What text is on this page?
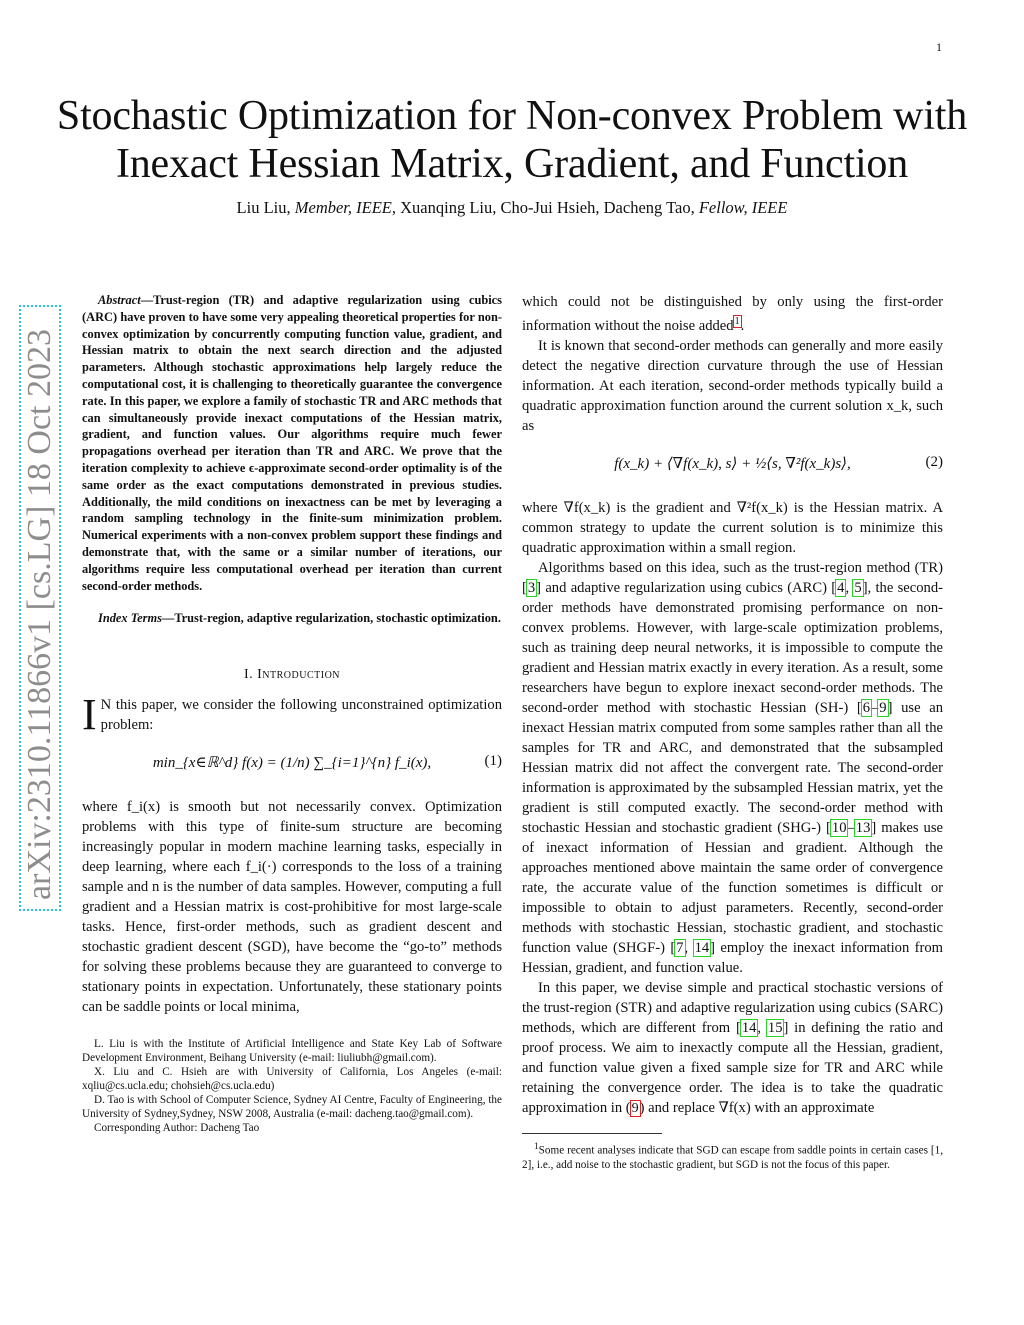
1
Stochastic Optimization for Non-convex Problem with Inexact Hessian Matrix, Gradient, and Function
Liu Liu, Member, IEEE, Xuanqing Liu, Cho-Jui Hsieh, Dacheng Tao, Fellow, IEEE
arXiv:2310.11866v1 [cs.LG] 18 Oct 2023

Abstract—Trust-region (TR) and adaptive regularization using cubics (ARC) have proven to have some very appealing theoretical properties for non-convex optimization by concurrently computing function value, gradient, and Hessian matrix to obtain the next search direction and the adjusted parameters. Although stochastic approximations help largely reduce the computational cost, it is challenging to theoretically guarantee the convergence rate. In this paper, we explore a family of stochastic TR and ARC methods that can simultaneously provide inexact computations of the Hessian matrix, gradient, and function values. Our algorithms require much fewer propagations overhead per iteration than TR and ARC. We prove that the iteration complexity to achieve ϵ-approximate second-order optimality is of the same order as the exact computations demonstrated in previous studies. Additionally, the mild conditions on inexactness can be met by leveraging a random sampling technology in the finite-sum minimization problem. Numerical experiments with a non-convex problem support these findings and demonstrate that, with the same or a similar number of iterations, our algorithms require less computational overhead per iteration than current second-order methods.

Index Terms—Trust-region, adaptive regularization, stochastic optimization.

I. Introduction

I N this paper, we consider the following unconstrained optimization problem:

min_{x∈ℝ^d} f(x) = (1/n) ∑_{i=1}^{n} f_i(x),	(1)

where f_i(x) is smooth but not necessarily convex. Optimization problems with this type of finite-sum structure are becoming increasingly popular in modern machine learning tasks, especially in deep learning, where each f_i(·) corresponds to the loss of a training sample and n is the number of data samples. However, computing a full gradient and a Hessian matrix is cost-prohibitive for most large-scale tasks. Hence, first-order methods, such as gradient descent and stochastic gradient descent (SGD), have become the “go-to” methods for solving these problems because they are guaranteed to converge to stationary points in expectation. Unfortunately, these stationary points can be saddle points or local minima,

L. Liu is with the Institute of Artificial Intelligence and State Key Lab of Software Development Environment, Beihang University (e-mail: liuliubh@gmail.com).

X. Liu and C. Hsieh are with University of California, Los Angeles (e-mail: xqliu@cs.ucla.edu; chohsieh@cs.ucla.edu)

D. Tao is with School of Computer Science, Sydney AI Centre, Faculty of Engineering, the University of Sydney,Sydney, NSW 2008, Australia (e-mail: dacheng.tao@gmail.com).

Corresponding Author: Dacheng Tao

which could not be distinguished by only using the first-order information without the noise added$^1$.

It is known that second-order methods can generally and more easily detect the negative direction curvature through the use of Hessian information. At each iteration, second-order methods typically build a quadratic approximation function around the current solution x_k, such as

f(x_k) + ⟨∇f(x_k), s⟩ + ½⟨s, ∇²f(x_k)s⟩,	(2)

where ∇f(x_k) is the gradient and ∇²f(x_k) is the Hessian matrix. A common strategy to update the current solution is to minimize this quadratic approximation within a small region.

Algorithms based on this idea, such as the trust-region method (TR) [3] and adaptive regularization using cubics (ARC) [4, 5], the second-order methods have demonstrated promising performance on non-convex problems. However, with large-scale optimization problems, such as training deep neural networks, it is impossible to compute the gradient and Hessian matrix exactly in every iteration. As a result, some researchers have begun to explore inexact second-order methods. The second-order method with stochastic Hessian (SH-) [6–9] use an inexact Hessian matrix computed from some samples rather than all the samples for TR and ARC, and demonstrated that the subsampled Hessian matrix did not affect the convergent rate. The second-order information is approximated by the subsampled Hessian matrix, yet the gradient is still computed exactly. The second-order method with stochastic Hessian and stochastic gradient (SHG-) [10–13] makes use of inexact information of Hessian and gradient. Although the approaches mentioned above maintain the same order of convergence rate, the accurate value of the function sometimes is difficult or impossible to obtain to adjust parameters. Recently, second-order methods with stochastic Hessian, stochastic gradient, and stochastic function value (SHGF-) [7, 14] employ the inexact information from Hessian, gradient, and function value.

In this paper, we devise simple and practical stochastic versions of the trust-region (STR) and adaptive regularization using cubics (SARC) methods, which are different from [14, 15] in defining the ratio and proof process. We aim to inexactly compute all the Hessian, gradient, and function value given a fixed sample size for TR and ARC while retaining the convergence order. The idea is to take the quadratic approximation in (9) and replace ∇f(x) with an approximate

$^1$Some recent analyses indicate that SGD can escape from saddle points in certain cases [1, 2], i.e., add noise to the stochastic gradient, but SGD is not the focus of this paper.
